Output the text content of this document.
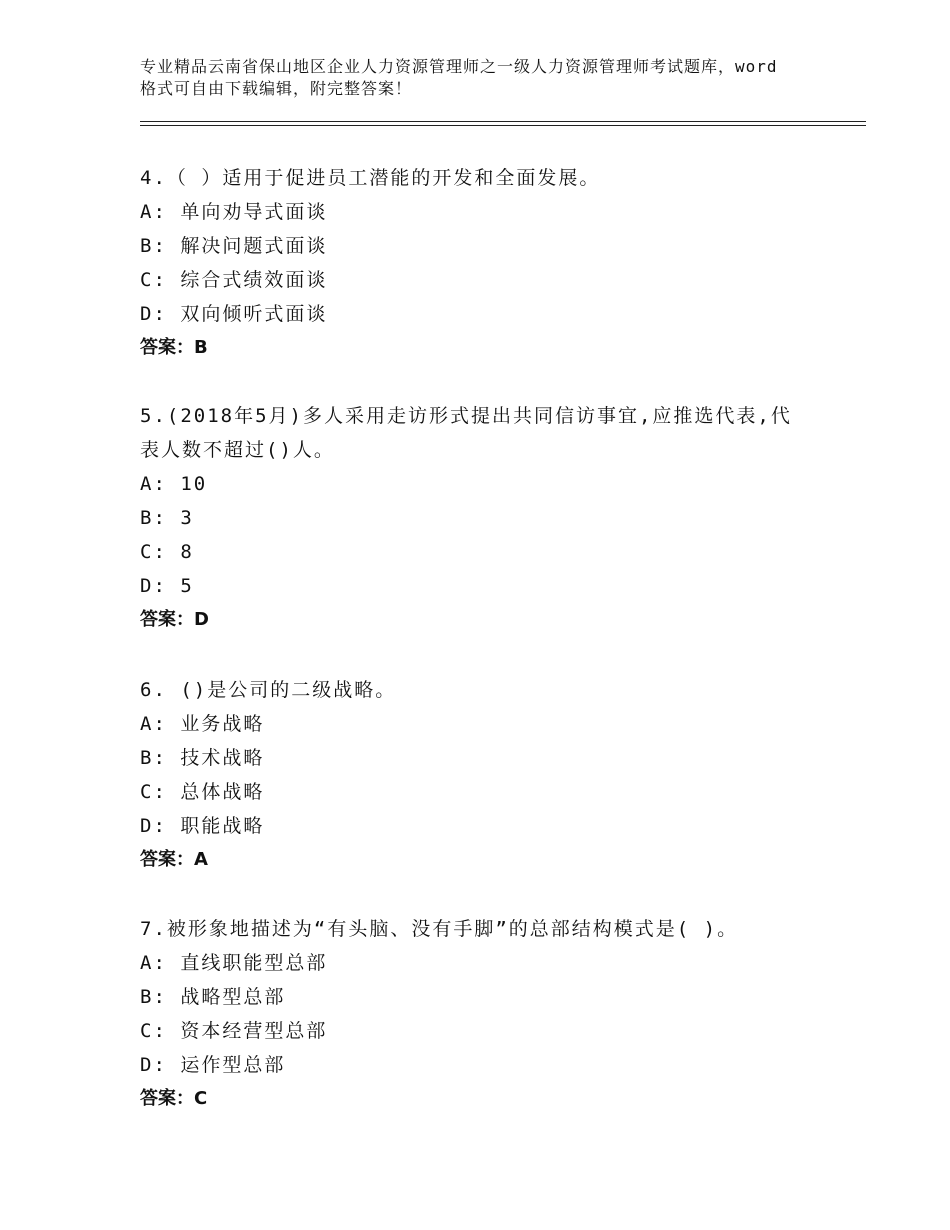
专业精品云南省保山地区企业人力资源管理师之一级人力资源管理师考试题库，word格式可自由下载编辑，附完整答案！

4.（ ）适用于促进员工潜能的开发和全面发展。

A: 单向劝导式面谈

B: 解决问题式面谈

C: 综合式绩效面谈

D: 双向倾听式面谈

答案：B

5.(2018年5月)多人采用走访形式提出共同信访事宜,应推选代表,代表人数不超过()人。

A: 10

B: 3

C: 8

D: 5

答案：D

6. ()是公司的二级战略。

A: 业务战略

B: 技术战略

C: 总体战略

D: 职能战略

答案：A

7.被形象地描述为“有头脑、没有手脚”的总部结构模式是( )。

A: 直线职能型总部

B: 战略型总部

C: 资本经营型总部

D: 运作型总部

答案：C
